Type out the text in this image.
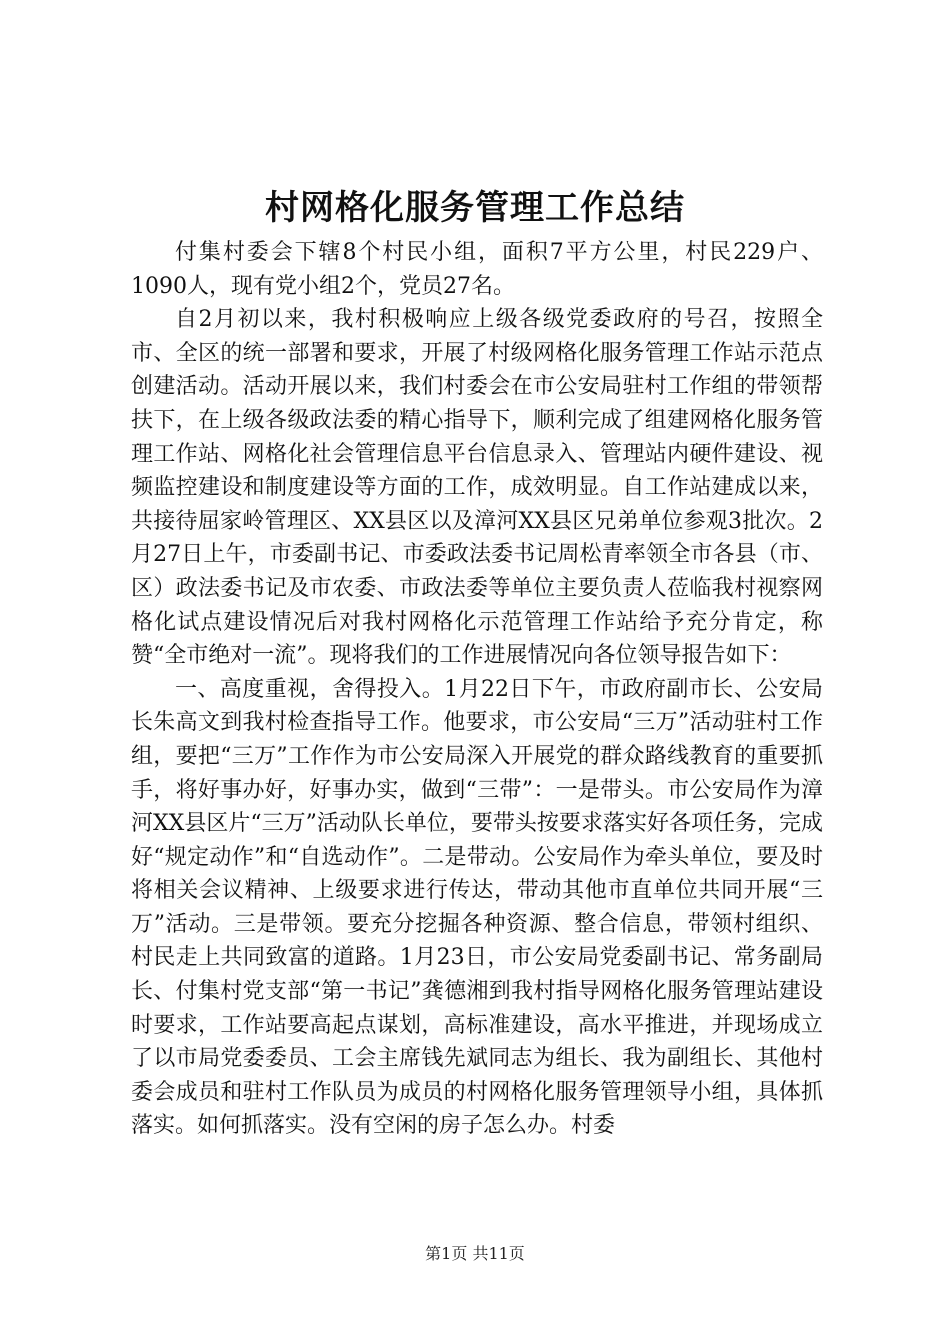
村网格化服务管理工作总结

付集村委会下辖8个村民小组，面积7平方公里，村民229户、1090人，现有党小组2个，党员27名。

自2月初以来，我村积极响应上级各级党委政府的号召，按照全市、全区的统一部署和要求，开展了村级网格化服务管理工作站示范点创建活动。活动开展以来，我们村委会在市公安局驻村工作组的带领帮扶下，在上级各级政法委的精心指导下，顺利完成了组建网格化服务管理工作站、网格化社会管理信息平台信息录入、管理站内硬件建设、视频监控建设和制度建设等方面的工作，成效明显。自工作站建成以来，共接待屈家岭管理区、XX县区以及漳河XX县区兄弟单位参观3批次。2月27日上午，市委副书记、市委政法委书记周松青率领全市各县（市、区）政法委书记及市农委、市政法委等单位主要负责人莅临我村视察网格化试点建设情况后对我村网格化示范管理工作站给予充分肯定，称赞“全市绝对一流”。现将我们的工作进展情况向各位领导报告如下：

一、高度重视，舍得投入。1月22日下午，市政府副市长、公安局长朱高文到我村检查指导工作。他要求，市公安局“三万”活动驻村工作组，要把“三万”工作作为市公安局深入开展党的群众路线教育的重要抓手，将好事办好，好事办实，做到“三带”：一是带头。市公安局作为漳河XX县区片“三万”活动队长单位，要带头按要求落实好各项任务，完成好“规定动作”和“自选动作”。二是带动。公安局作为牵头单位，要及时将相关会议精神、上级要求进行传达，带动其他市直单位共同开展“三万”活动。三是带领。要充分挖掘各种资源、整合信息，带领村组织、村民走上共同致富的道路。1月23日，市公安局党委副书记、常务副局长、付集村党支部“第一书记”龚德湘到我村指导网格化服务管理站建设时要求，工作站要高起点谋划，高标准建设，高水平推进，并现场成立了以市局党委委员、工会主席钱先斌同志为组长、我为副组长、其他村委会成员和驻村工作队员为成员的村网格化服务管理领导小组，具体抓落实。如何抓落实。没有空闲的房子怎么办。村委

第1页 共11页
